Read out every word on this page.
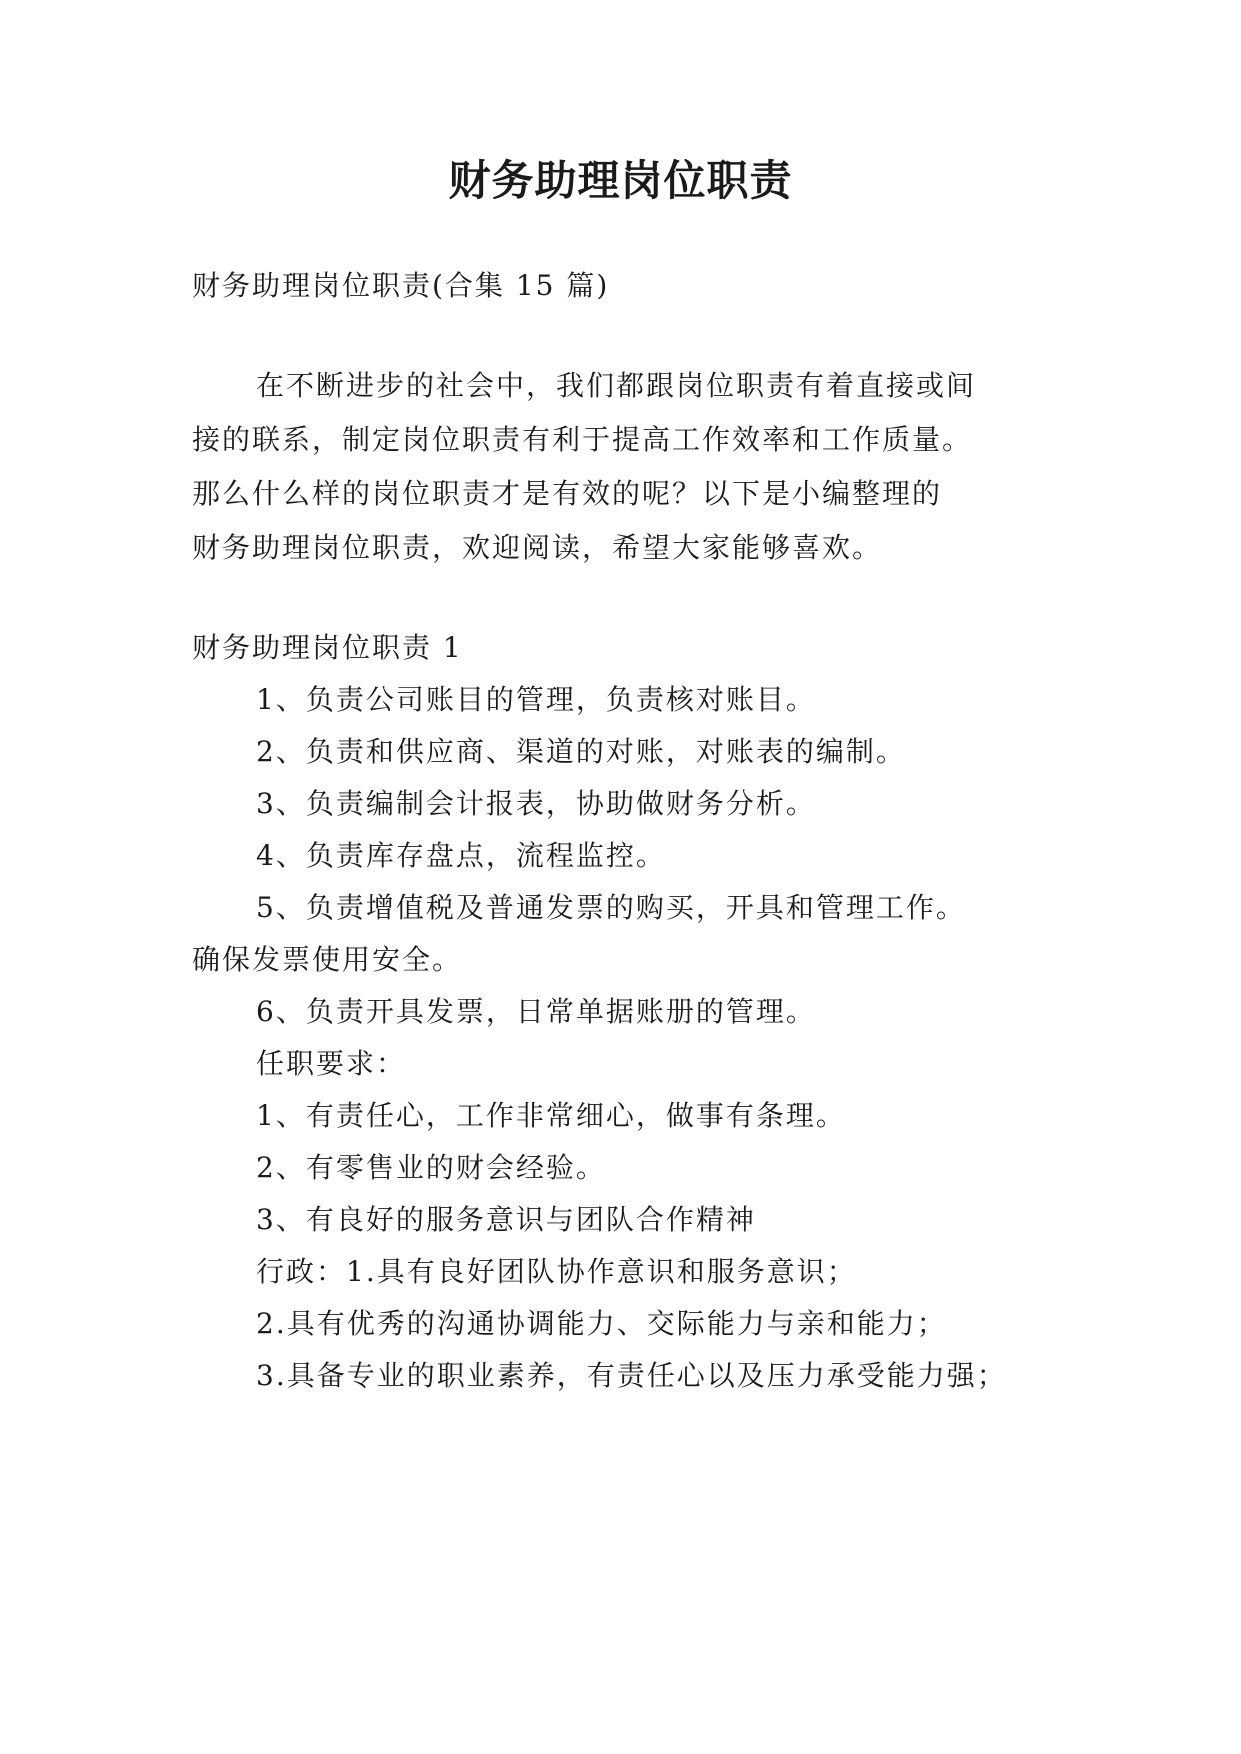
财务助理岗位职责
财务助理岗位职责(合集 15 篇)
在不断进步的社会中，我们都跟岗位职责有着直接或间
接的联系，制定岗位职责有利于提高工作效率和工作质量。
那么什么样的岗位职责才是有效的呢？以下是小编整理的
财务助理岗位职责，欢迎阅读，希望大家能够喜欢。
财务助理岗位职责 1
1、负责公司账目的管理，负责核对账目。
2、负责和供应商、渠道的对账，对账表的编制。
3、负责编制会计报表，协助做财务分析。
4、负责库存盘点，流程监控。
5、负责增值税及普通发票的购买，开具和管理工作。
确保发票使用安全。
6、负责开具发票，日常单据账册的管理。
任职要求：
1、有责任心，工作非常细心，做事有条理。
2、有零售业的财会经验。
3、有良好的服务意识与团队合作精神
行政：1.具有良好团队协作意识和服务意识；
2.具有优秀的沟通协调能力、交际能力与亲和能力；
3.具备专业的职业素养，有责任心以及压力承受能力强；
